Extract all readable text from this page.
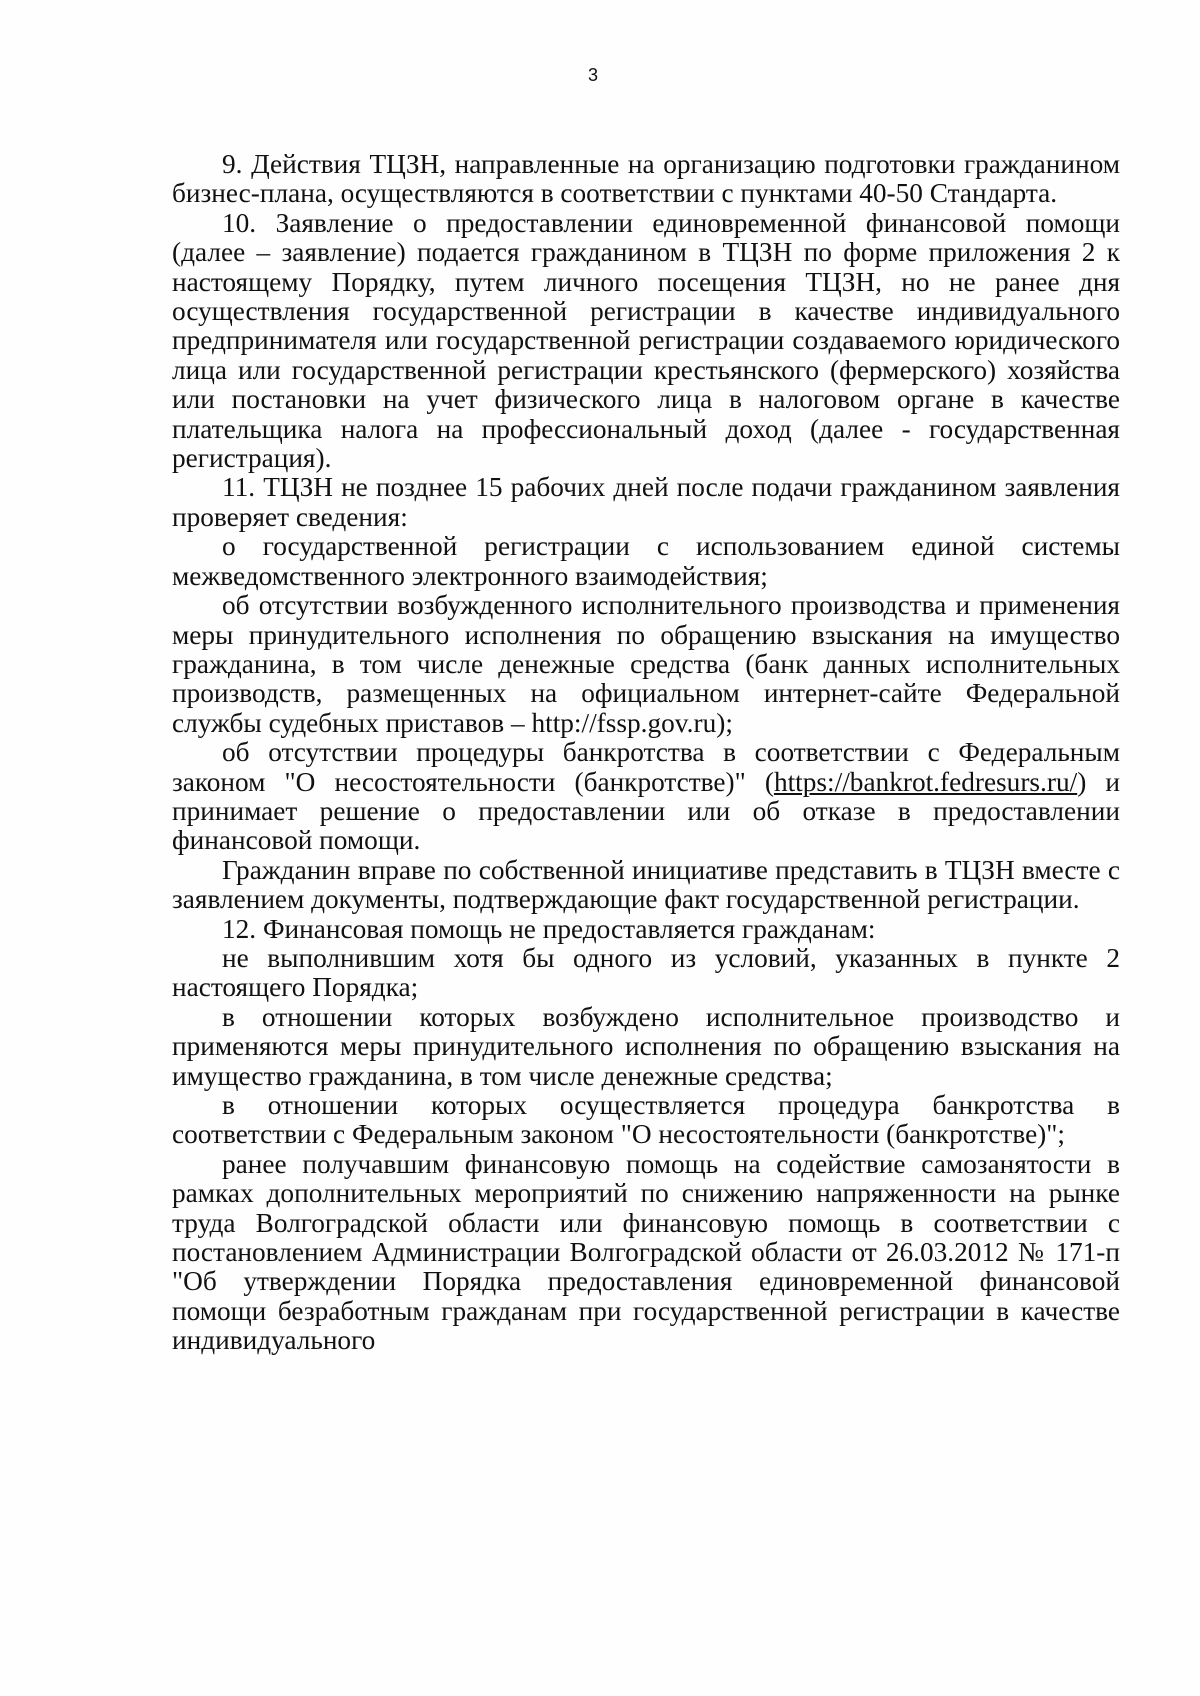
3

9. Действия ТЦЗН, направленные на организацию подготовки гражданином бизнес-плана, осуществляются в соответствии с пунктами 40-50 Стандарта.

10. Заявление о предоставлении единовременной финансовой помощи (далее – заявление) подается гражданином в ТЦЗН по форме приложения 2 к настоящему Порядку, путем личного посещения ТЦЗН, но не ранее дня осуществления государственной регистрации в качестве индивидуального предпринимателя или государственной регистрации создаваемого юридического лица или государственной регистрации крестьянского (фермерского) хозяйства или постановки на учет физического лица в налоговом органе в качестве плательщика налога на профессиональный доход (далее - государственная регистрация).

11. ТЦЗН не позднее 15 рабочих дней после подачи гражданином заявления проверяет сведения:

о государственной регистрации с использованием единой системы межведомственного электронного взаимодействия;

об отсутствии возбужденного исполнительного производства и применения меры принудительного исполнения по обращению взыскания на имущество гражданина, в том числе денежные средства (банк данных исполнительных производств, размещенных на официальном интернет-сайте Федеральной службы судебных приставов – http://fssp.gov.ru);

об отсутствии процедуры банкротства в соответствии с Федеральным законом "О несостоятельности (банкротстве)" (https://bankrot.fedresurs.ru/) и принимает решение о предоставлении или об отказе в предоставлении финансовой помощи.

Гражданин вправе по собственной инициативе представить в ТЦЗН вместе с заявлением документы, подтверждающие факт государственной регистрации.

12. Финансовая помощь не предоставляется гражданам:

не выполнившим хотя бы одного из условий, указанных в пункте 2 настоящего Порядка;

в отношении которых возбуждено исполнительное производство и применяются меры принудительного исполнения по обращению взыскания на имущество гражданина, в том числе денежные средства;

в отношении которых осуществляется процедура банкротства в соответствии с Федеральным законом "О несостоятельности (банкротстве)";

ранее получавшим финансовую помощь на содействие самозанятости в рамках дополнительных мероприятий по снижению напряженности на рынке труда Волгоградской области или финансовую помощь в соответствии с постановлением Администрации Волгоградской области от 26.03.2012 № 171-п "Об утверждении Порядка предоставления единовременной финансовой помощи безработным гражданам при государственной регистрации в качестве индивидуального
